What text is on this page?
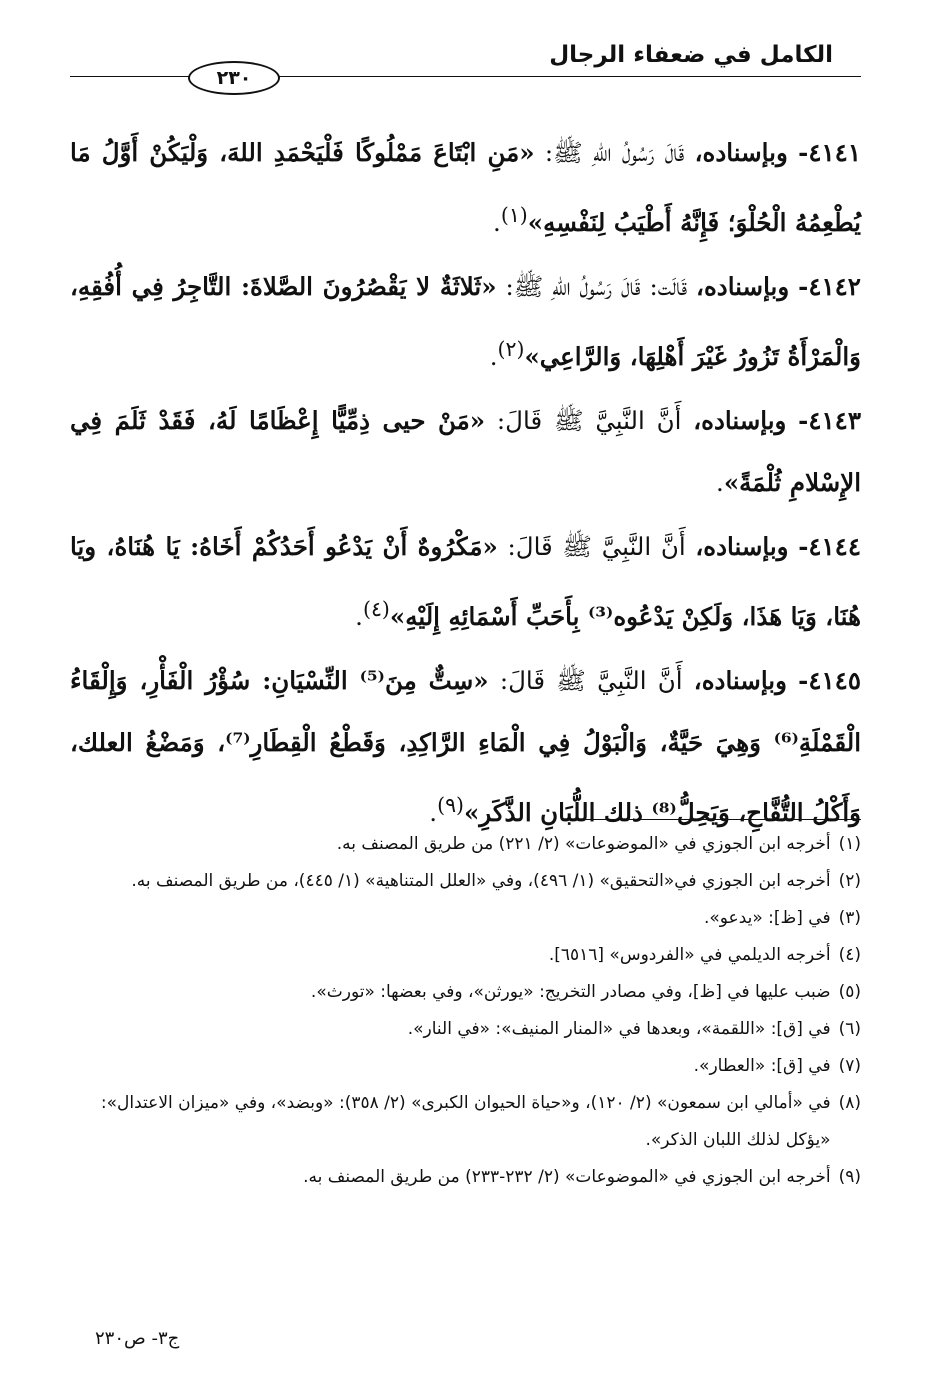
الكامل في ضعفاء الرجال
٢٣٠

٤١٤١- وبإسناده، قَالَ رَسُولُ اللهِ ﷺ: «مَنِ ابْتَاعَ مَمْلُوكًا فَلْيَحْمَدِ اللهَ، وَلْيَكُنْ أَوَّلُ مَا يُطْعِمُهُ الْحُلْوَ؛ فَإِنَّهُ أَطْيَبُ لِنَفْسِهِ»$^{(١)}$.

٤١٤٢- وبإسناده، قَالَت: قَالَ رَسُولُ اللهِ ﷺ: «ثَلاثَةٌ لا يَقْصُرُونَ الصَّلاةَ: التَّاجِرُ فِي أُفُقِهِ، وَالْمَرْأَةُ تَزُورُ غَيْرَ أَهْلِهَا، وَالرَّاعِي»$^{(٢)}$.

٤١٤٣- وبإسناده، أَنَّ النَّبِيَّ ﷺ قَالَ: «مَنْ حيى ذِمِّيًّا إِعْظَامًا لَهُ، فَقَدْ ثَلَمَ فِي الإِسْلامِ ثُلْمَةً».

٤١٤٤- وبإسناده، أَنَّ النَّبِيَّ ﷺ قَالَ: «مَكْرُوهٌ أَنْ يَدْعُو أَحَدُكُمْ أَخَاهُ: يَا هُنَاهُ، ويَا هُنَا، وَيَا هَذَا، وَلَكِنْ يَدْعُوه⁽³⁾ بِأَحَبِّ أَسْمَائِهِ إِلَيْهِ»$^{(٤)}$.

٤١٤٥- وبإسناده، أَنَّ النَّبِيَّ ﷺ قَالَ: «سِتٌّ مِنَ⁽⁵⁾ النِّسْيَانِ: سُؤْرُ الْفَأْرِ، وَإِلْقَاءُ الْقَمْلَةِ⁽⁶⁾ وَهِيَ حَيَّةٌ، وَالْبَوْلُ فِي الْمَاءِ الرَّاكِدِ، وَقَطْعُ الْقِطَارِ⁽⁷⁾، وَمَضْغُ العلك، وَأَكْلُ التُّفَّاحِ، وَيَحِلُّ⁽⁸⁾ ذلك اللُّبَانِ الذَّكَرِ»$^{(٩)}$.

(١)
أخرجه ابن الجوزي في «الموضوعات» (٢/ ٢٢١) من طريق المصنف به.
(٢)
أخرجه ابن الجوزي في«التحقيق» (١/ ٤٩٦)، وفي «العلل المتناهية» (١/ ٤٤٥)، من طريق المصنف به.
(٣)
في [ظ]: «يدعو».
(٤)
أخرجه الديلمي في «الفردوس» [٦٥١٦].
(٥)
ضبب عليها في [ظ]، وفي مصادر التخريج: «يورثن»، وفي بعضها: «تورث».
(٦)
في [ق]: «اللقمة»، وبعدها في «المنار المنيف»: «في النار».
(٧)
في [ق]: «العطار».
(٨)
في «أمالي ابن سمعون» (٢/ ١٢٠)، و«حياة الحيوان الكبرى» (٢/ ٣٥٨): «وبضد»، وفي «ميزان الاعتدال»: «يؤكل لذلك اللبان الذكر».
(٩)
أخرجه ابن الجوزي في «الموضوعات» (٢/ ٢٣٢-٢٣٣) من طريق المصنف به.
ج٣- ص٢٣٠
